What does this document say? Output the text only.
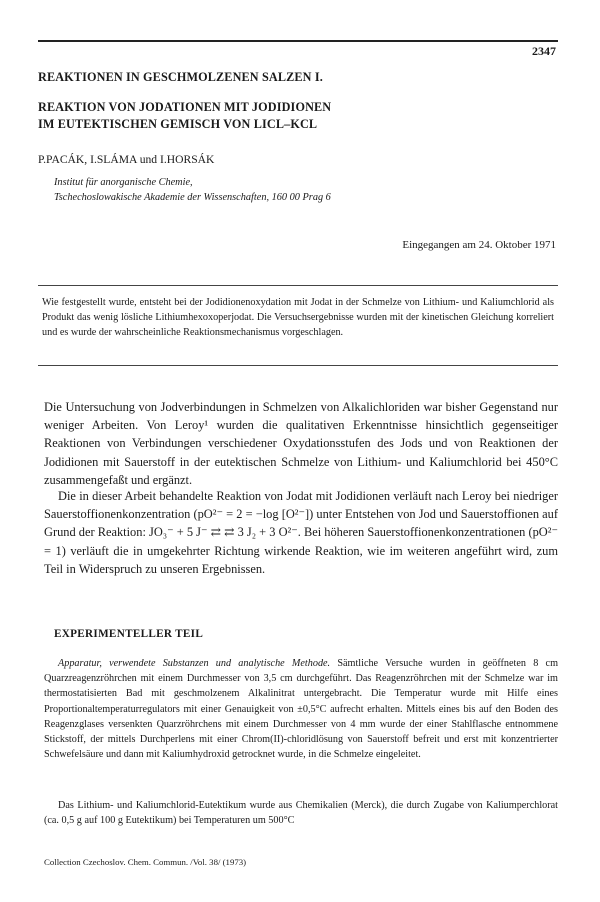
2347
REAKTIONEN IN GESCHMOLZENEN SALZEN I.
REAKTION VON JODATIONEN MIT JODIDIONEN
IM EUTEKTISCHEN GEMISCH VON LICL–KCL
P.PACÁK, I.SLÁMA und I.HORSÁK
Institut für anorganische Chemie,
Tschechoslowakische Akademie der Wissenschaften, 160 00 Prag 6
Eingegangen am 24. Oktober 1971

Wie festgestellt wurde, entsteht bei der Jodidionenoxydation mit Jodat in der Schmelze von Lithium- und Kaliumchlorid als Produkt das wenig lösliche Lithiumhexoxoperjodat. Die Versuchsergebnisse wurden mit der kinetischen Gleichung korreliert und es wurde der wahrscheinliche Reaktionsmechanismus vorgeschlagen.

Die Untersuchung von Jodverbindungen in Schmelzen von Alkalichloriden war bisher Gegenstand nur weniger Arbeiten. Von Leroy¹ wurden die qualitativen Erkenntnisse hinsichtlich gegenseitiger Reaktionen von Verbindungen verschiedener Oxydationsstufen des Jods und von Reaktionen der Jodidionen mit Sauerstoff in der eutektischen Schmelze von Lithium- und Kaliumchlorid bei 450°C zusammengefaßt und ergänzt.

Die in dieser Arbeit behandelte Reaktion von Jodat mit Jodidionen verläuft nach Leroy bei niedriger Sauerstoffionenkonzentration (pO²⁻ = 2 = −log [O²⁻]) unter Entstehen von Jod und Sauerstoffionen auf Grund der Reaktion: JO₃⁻ + 5 J⁻ ⇄ ⇄ 3 J₂ + 3 O²⁻. Bei höheren Sauerstoffionenkonzentrationen (pO²⁻ = 1) verläuft die in umgekehrter Richtung wirkende Reaktion, wie im weiteren angeführt wird, zum Teil in Widerspruch zu unseren Ergebnissen.

EXPERIMENTELLER TEIL

Apparatur, verwendete Substanzen und analytische Methode. Sämtliche Versuche wurden in geöffneten 8 cm Quarzreagenzröhrchen mit einem Durchmesser von 3,5 cm durchgeführt. Das Reagenzröhrchen mit der Schmelze war im thermostatisierten Bad mit geschmolzenem Alkalinitrat untergebracht. Die Temperatur wurde mit Hilfe eines Proportionaltemperaturregulators mit einer Genauigkeit von ±0,5°C aufrecht erhalten. Mittels eines bis auf den Boden des Reagenzglases versenkten Quarzröhrchens mit einem Durchmesser von 4 mm wurde der einer Stahlflasche entnommene Stickstoff, der mittels Durchperlens mit einer Chrom(II)-chloridlösung von Sauerstoff befreit und erst mit konzentrierter Schwefelsäure und dann mit Kaliumhydroxid getrocknet wurde, in die Schmelze eingeleitet.

Das Lithium- und Kaliumchlorid-Eutektikum wurde aus Chemikalien (Merck), die durch Zugabe von Kaliumperchlorat (ca. 0,5 g auf 100 g Eutektikum) bei Temperaturen um 500°C

Collection Czechoslov. Chem. Commun. /Vol. 38/ (1973)
